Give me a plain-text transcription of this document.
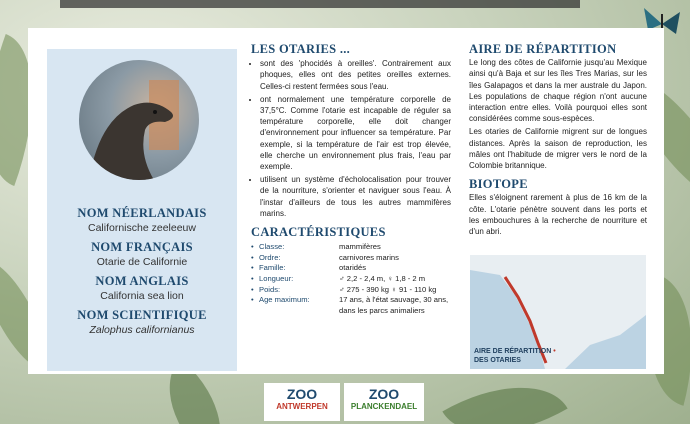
NOM NÉERLANDAIS
Californische zeeleeuw
NOM FRANÇAIS
Otarie de Californie
NOM ANGLAIS
California sea lion
NOM SCIENTIFIQUE
Zalophus californianus
LES OTARIES ...
• sont des 'phocidés à oreilles'. Contrairement aux phoques, elles ont des petites oreilles externes. Celles-ci restent fermées sous l'eau.
• ont normalement une température corporelle de 37,5°C. Comme l'otarie est incapable de réguler sa température corporelle, elle doit changer d'environnement pour influencer sa température. Par exemple, si la température de l'air est trop élevée, elle cherche un environnement plus frais, l'eau par exemple.
• utilisent un système d'écholocalisation pour trouver de la nourriture, s'orienter et naviguer sous l'eau. À l'instar d'ailleurs de tous les autres mammifères marins.
CARACTÉRISTIQUES
• Classe:	mammifères
• Ordre:	carnivores marins
• Famille:	otaridés
• Longueur:	♂ 2,2 - 2,4 m, ♀ 1,8 - 2 m
• Poids:	♂ 275 - 390 kg ♀ 91 - 110 kg
• Age maximum:	17 ans, à l'état sauvage, 30 ans, dans les parcs animaliers
AIRE DE RÉPARTITION

Le long des côtes de Californie jusqu'au Mexique ainsi qu'à Baja et sur les îles Tres Marias, sur les îles Galapagos et dans la mer australe du Japon. Les populations de chaque région n'ont aucune interaction entre elles. Voilà pourquoi elles sont considérées comme sous-espèces.

Les otaries de Californie migrent sur de longues distances. Après la saison de reproduction, les mâles ont l'habitude de migrer vers le nord de la Colombie britannique.

BIOTOPE

Elles s'éloignent rarement à plus de 16 km de la côte. L'otarie pénètre souvent dans les ports et les embouchures à la recherche de nourriture et d'un abri.

AIRE DE RÉPARTITION •
DES OTARIES
ZOO
ANTWERPEN
ZOO
PLANCKENDAEL
